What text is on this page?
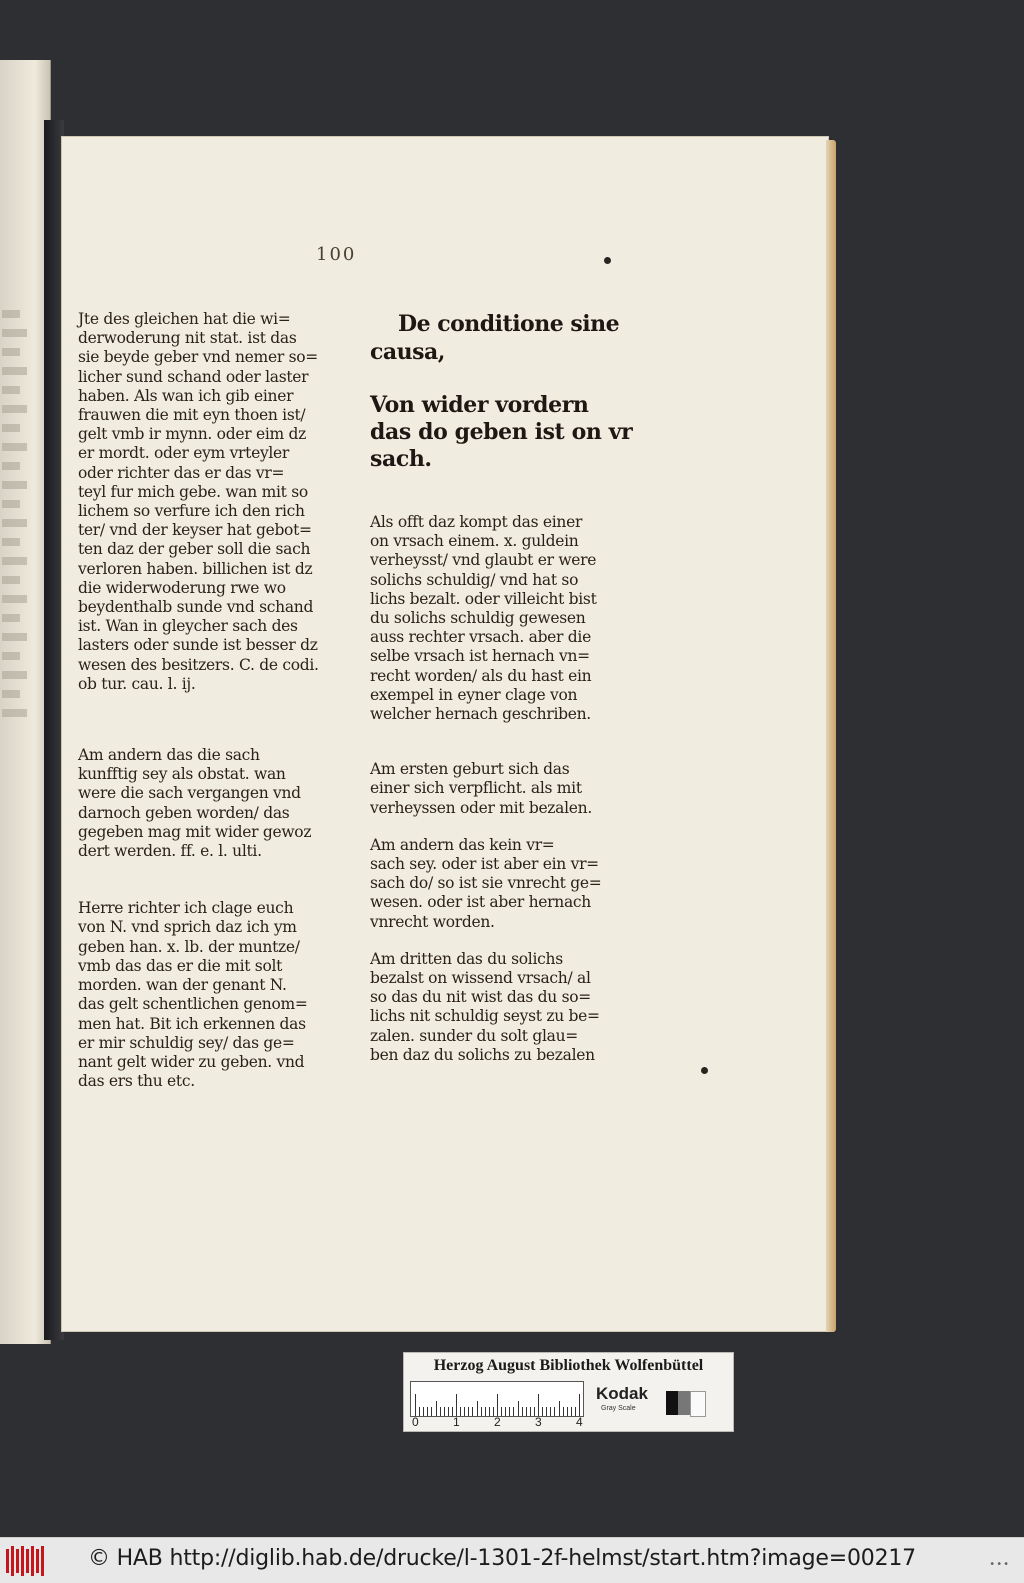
100

Jte des gleichen hat die wi=

derwoderung nit stat. ist das

sie beyde geber vnd nemer so=

licher sund schand oder laster

haben. Als wan ich gib einer

frauwen die mit eyn thoen ist/

gelt vmb ir mynn. oder eim dz

er mordt. oder eym vrteyler

oder richter das er das vr=

teyl fur mich gebe. wan mit so

lichem so verfure ich den rich

ter/ vnd der keyser hat gebot=

ten daz der geber soll die sach

verloren haben. billichen ist dz

die widerwoderung rwe wo

beydenthalb sunde vnd schand

ist. Wan in gleycher sach des

lasters oder sunde ist besser dz

wesen des besitzers. C. de codi.

ob tur. cau. l. ij.

Am andern das die sach

kunfftig sey als obstat. wan

were die sach vergangen vnd

darnoch geben worden/ das

gegeben mag mit wider gewoz

dert werden. ff. e. l. ulti.

Herre richter ich clage euch

von N. vnd sprich daz ich ym

geben han. x. lb. der muntze/

vmb das das er die mit solt

morden. wan der genant N.

das gelt schentlichen genom=

men hat. Bit ich erkennen das

er mir schuldig sey/ das ge=

nant gelt wider zu geben. vnd

das ers thu etc.

De conditione sine

causa,

Von wider vordern

das do geben ist on vr

sach.

Als offt daz kompt das einer

on vrsach einem. x. guldein

verheysst/ vnd glaubt er were

solichs schuldig/ vnd hat so

lichs bezalt. oder villeicht bist

du solichs schuldig gewesen

auss rechter vrsach. aber die

selbe vrsach ist hernach vn=

recht worden/ als du hast ein

exempel in eyner clage von

welcher hernach geschriben.

Am ersten geburt sich das

einer sich verpflicht. als mit

verheyssen oder mit bezalen.

Am andern das kein vr=

sach sey. oder ist aber ein vr=

sach do/ so ist sie vnrecht ge=

wesen. oder ist aber hernach

vnrecht worden.

Am dritten das du solichs

bezalst on wissend vrsach/ al

so das du nit wist das du so=

lichs nit schuldig seyst zu be=

zalen. sunder du solt glau=

ben daz du solichs zu bezalen

Herzog August Bibliothek Wolfenbüttel
0	1	2	3	4
Kodak
Gray Scale
© HAB http://diglib.hab.de/drucke/l-1301-2f-helmst/start.htm?image=00217	•••
